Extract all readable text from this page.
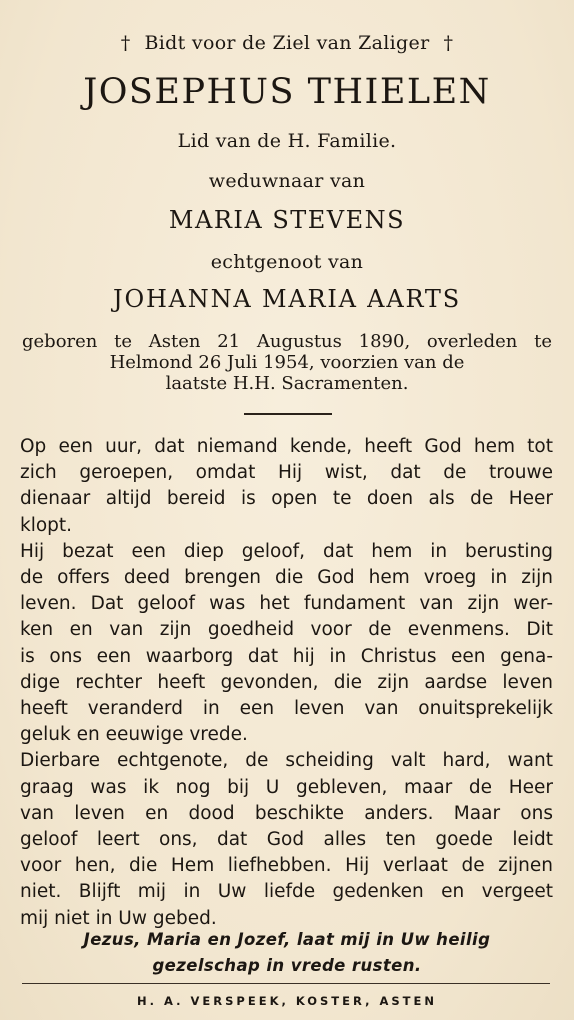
† Bidt voor de Ziel van Zaliger †
JOSEPHUS THIELEN
Lid van de H. Familie.
weduwnaar van
MARIA STEVENS
echtgenoot van
JOHANNA MARIA AARTS
geboren te Asten 21 Augustus 1890, overleden te
Helmond 26 Juli 1954, voorzien van de
laatste H.H. Sacramenten.
Op een uur, dat niemand kende, heeft God hem tot
zich geroepen, omdat Hij wist, dat de trouwe
dienaar altijd bereid is open te doen als de Heer
klopt.
Hij bezat een diep geloof, dat hem in berusting
de offers deed brengen die God hem vroeg in zijn
leven. Dat geloof was het fundament van zijn wer-
ken en van zijn goedheid voor de evenmens. Dit
is ons een waarborg dat hij in Christus een gena-
dige rechter heeft gevonden, die zijn aardse leven
heeft veranderd in een leven van onuitsprekelijk
geluk en eeuwige vrede.
Dierbare echtgenote, de scheiding valt hard, want
graag was ik nog bij U gebleven, maar de Heer
van leven en dood beschikte anders. Maar ons
geloof leert ons, dat God alles ten goede leidt
voor hen, die Hem liefhebben. Hij verlaat de zijnen
niet. Blijft mij in Uw liefde gedenken en vergeet
mij niet in Uw gebed.
Jezus, Maria en Jozef, laat mij in Uw heilig
gezelschap in vrede rusten.
H. A. VERSPEEK, KOSTER, ASTEN
